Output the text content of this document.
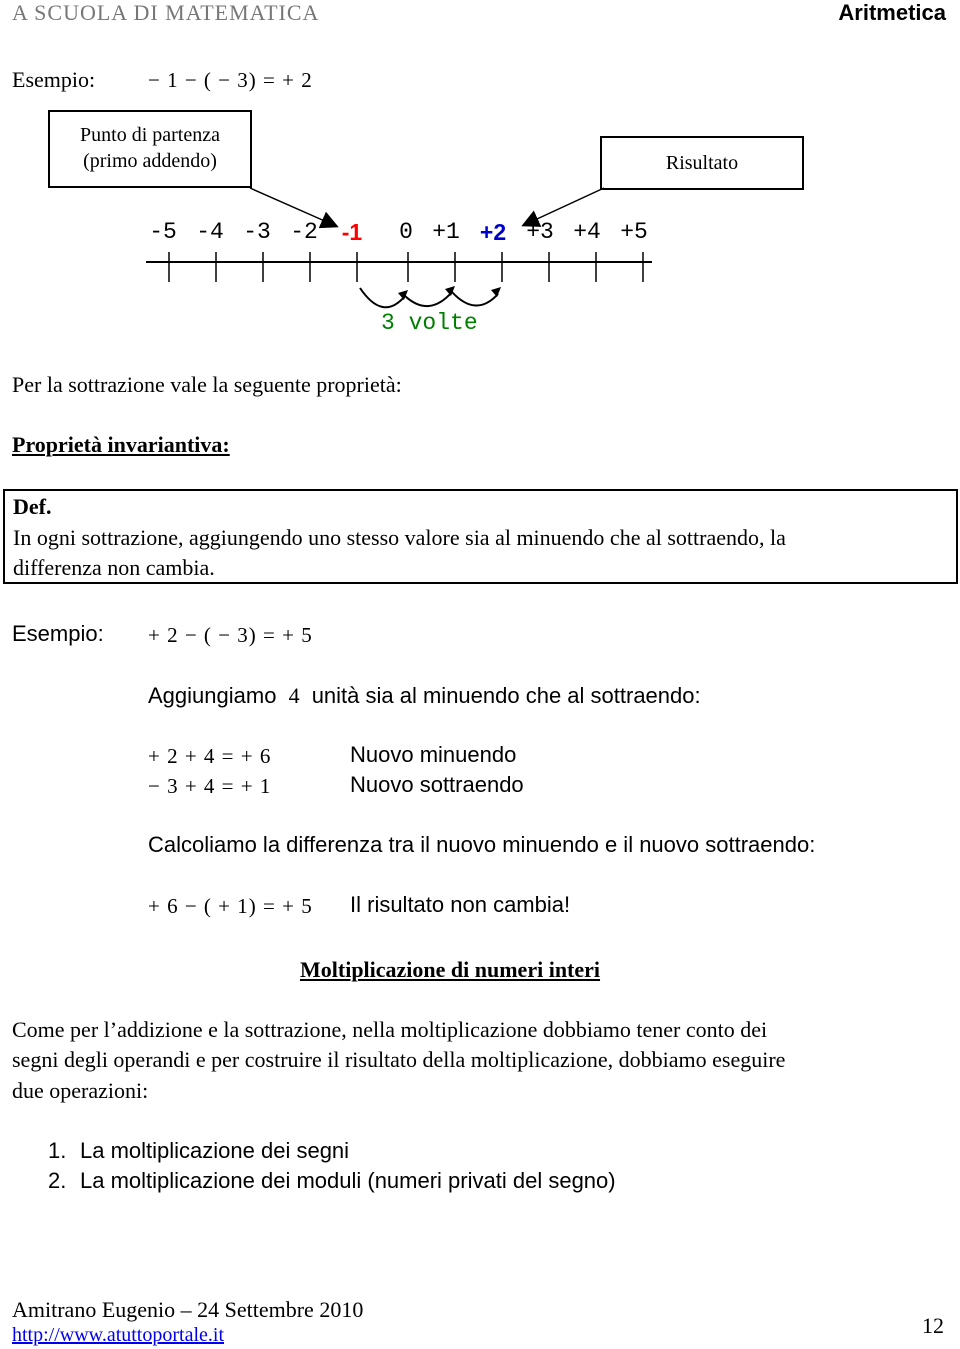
A SCUOLA DI MATEMATICA	Aritmetica
Esempio:	− 1 − ( − 3) = + 2
Punto di partenza
(primo addendo)	Risultato
-5 -4 -3 -2 -1 0 +1 +2 +3 +4 +5
3 volte
Per la sottrazione vale la seguente proprietà:
Proprietà invariantiva:
Def.
In ogni sottrazione, aggiungendo uno stesso valore sia al minuendo che al sottraendo, la
differenza non cambia.
Esempio: + 2 − ( − 3) = + 5
Aggiungiamo 4 unità sia al minuendo che al sottraendo:
+ 2 + 4 = + 6	Nuovo minuendo
− 3 + 4 = + 1	Nuovo sottraendo
Calcoliamo la differenza tra il nuovo minuendo e il nuovo sottraendo:
+ 6 − ( + 1) = + 5 Il risultato non cambia!
Moltiplicazione di numeri interi
Come per l’addizione e la sottrazione, nella moltiplicazione dobbiamo tener conto dei
segni degli operandi e per costruire il risultato della moltiplicazione, dobbiamo eseguire
due operazioni:
1. La moltiplicazione dei segni
2. La moltiplicazione dei moduli (numeri privati del segno)
Amitrano Eugenio – 24 Settembre 2010
http://www.atuttoportale.it	12
